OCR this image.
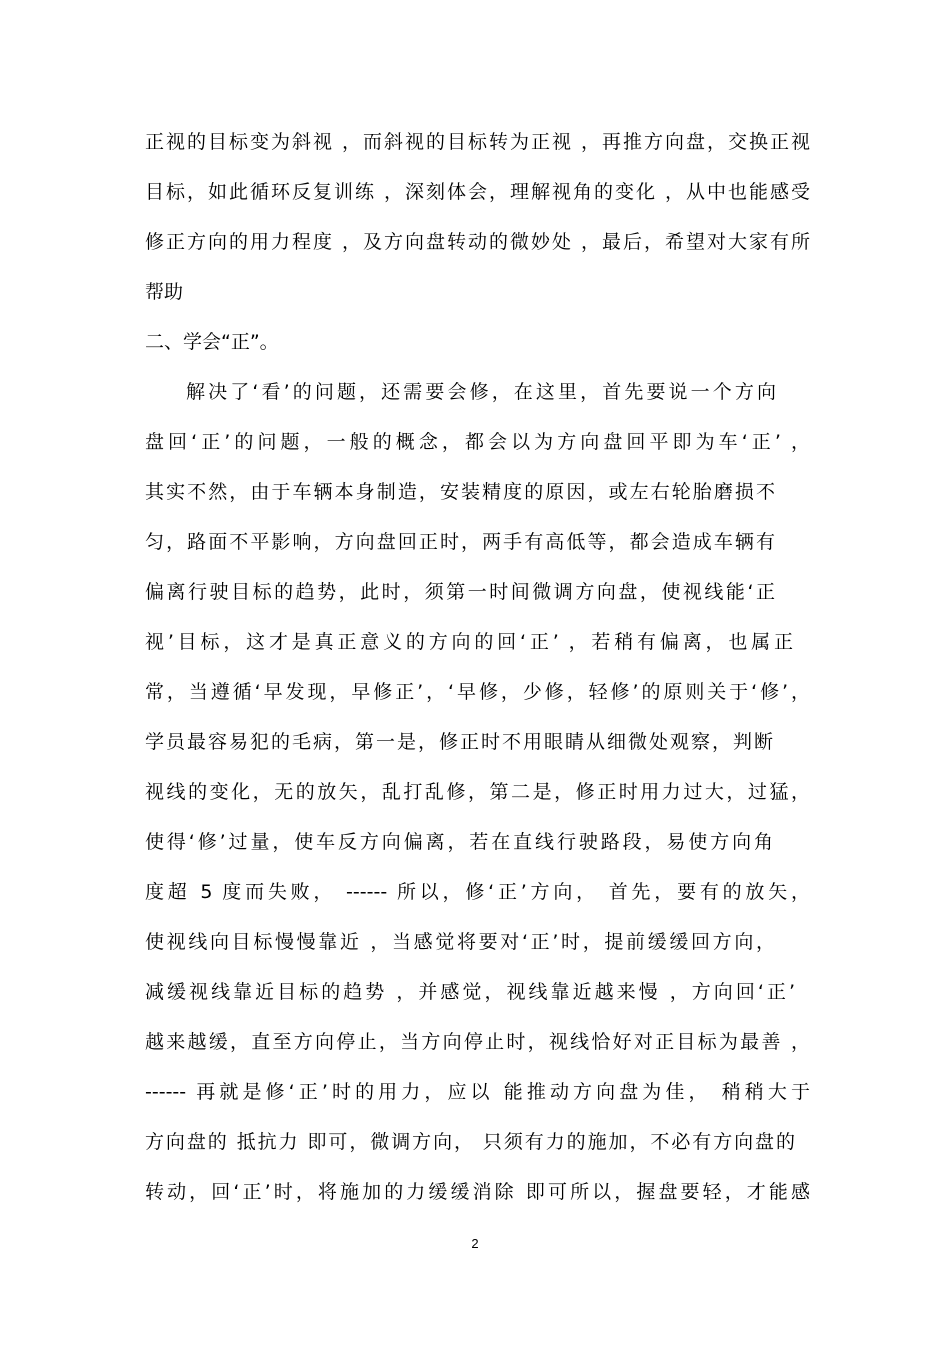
正视的目标变为斜视 ，而斜视的目标转为正视 ，再推方向盘，交换正视
目标，如此循环反复训练 ，深刻体会，理解视角的变化 ，从中也能感受
修正方向的用力程度 ，及方向盘转动的微妙处 ，最后，希望对大家有所
帮助
二、学会“正”。
解决了‘看’的问题，还需要会修，在这里，首先要说一个方向
盘回‘正’的问题，一般的概念，都会以为方向盘回平即为车‘正’ ，
其实不然，由于车辆本身制造，安装精度的原因，或左右轮胎磨损不
匀，路面不平影响，方向盘回正时，两手有高低等，都会造成车辆有
偏离行驶目标的趋势，此时，须第一时间微调方向盘，使视线能‘正
视’目标，这才是真正意义的方向的回‘正’ ，若稍有偏离，也属正
常，当遵循‘早发现，早修正’，‘早修，少修，轻修’的原则关于‘修’，
学员最容易犯的毛病，第一是，修正时不用眼睛从细微处观察，判断
视线的变化，无的放矢，乱打乱修，第二是，修正时用力过大，过猛，
使得‘修’过量，使车反方向偏离，若在直线行驶路段，易使方向角
度超 5 度而失败， ------ 所以，修‘正’方向， 首先，要有的放矢，
使视线向目标慢慢靠近 ，当感觉将要对‘正’时，提前缓缓回方向，
减缓视线靠近目标的趋势 ，并感觉，视线靠近越来慢 ，方向回‘正’
越来越缓，直至方向停止，当方向停止时，视线恰好对正目标为最善 ，
------ 再就是修‘正’时的用力，应以 能推动方向盘为佳， 稍稍大于
方向盘的 抵抗力 即可，微调方向， 只须有力的施加，不必有方向盘的
转动，回‘正’时，将施加的力缓缓消除 即可所以，握盘要轻，才能感
2
